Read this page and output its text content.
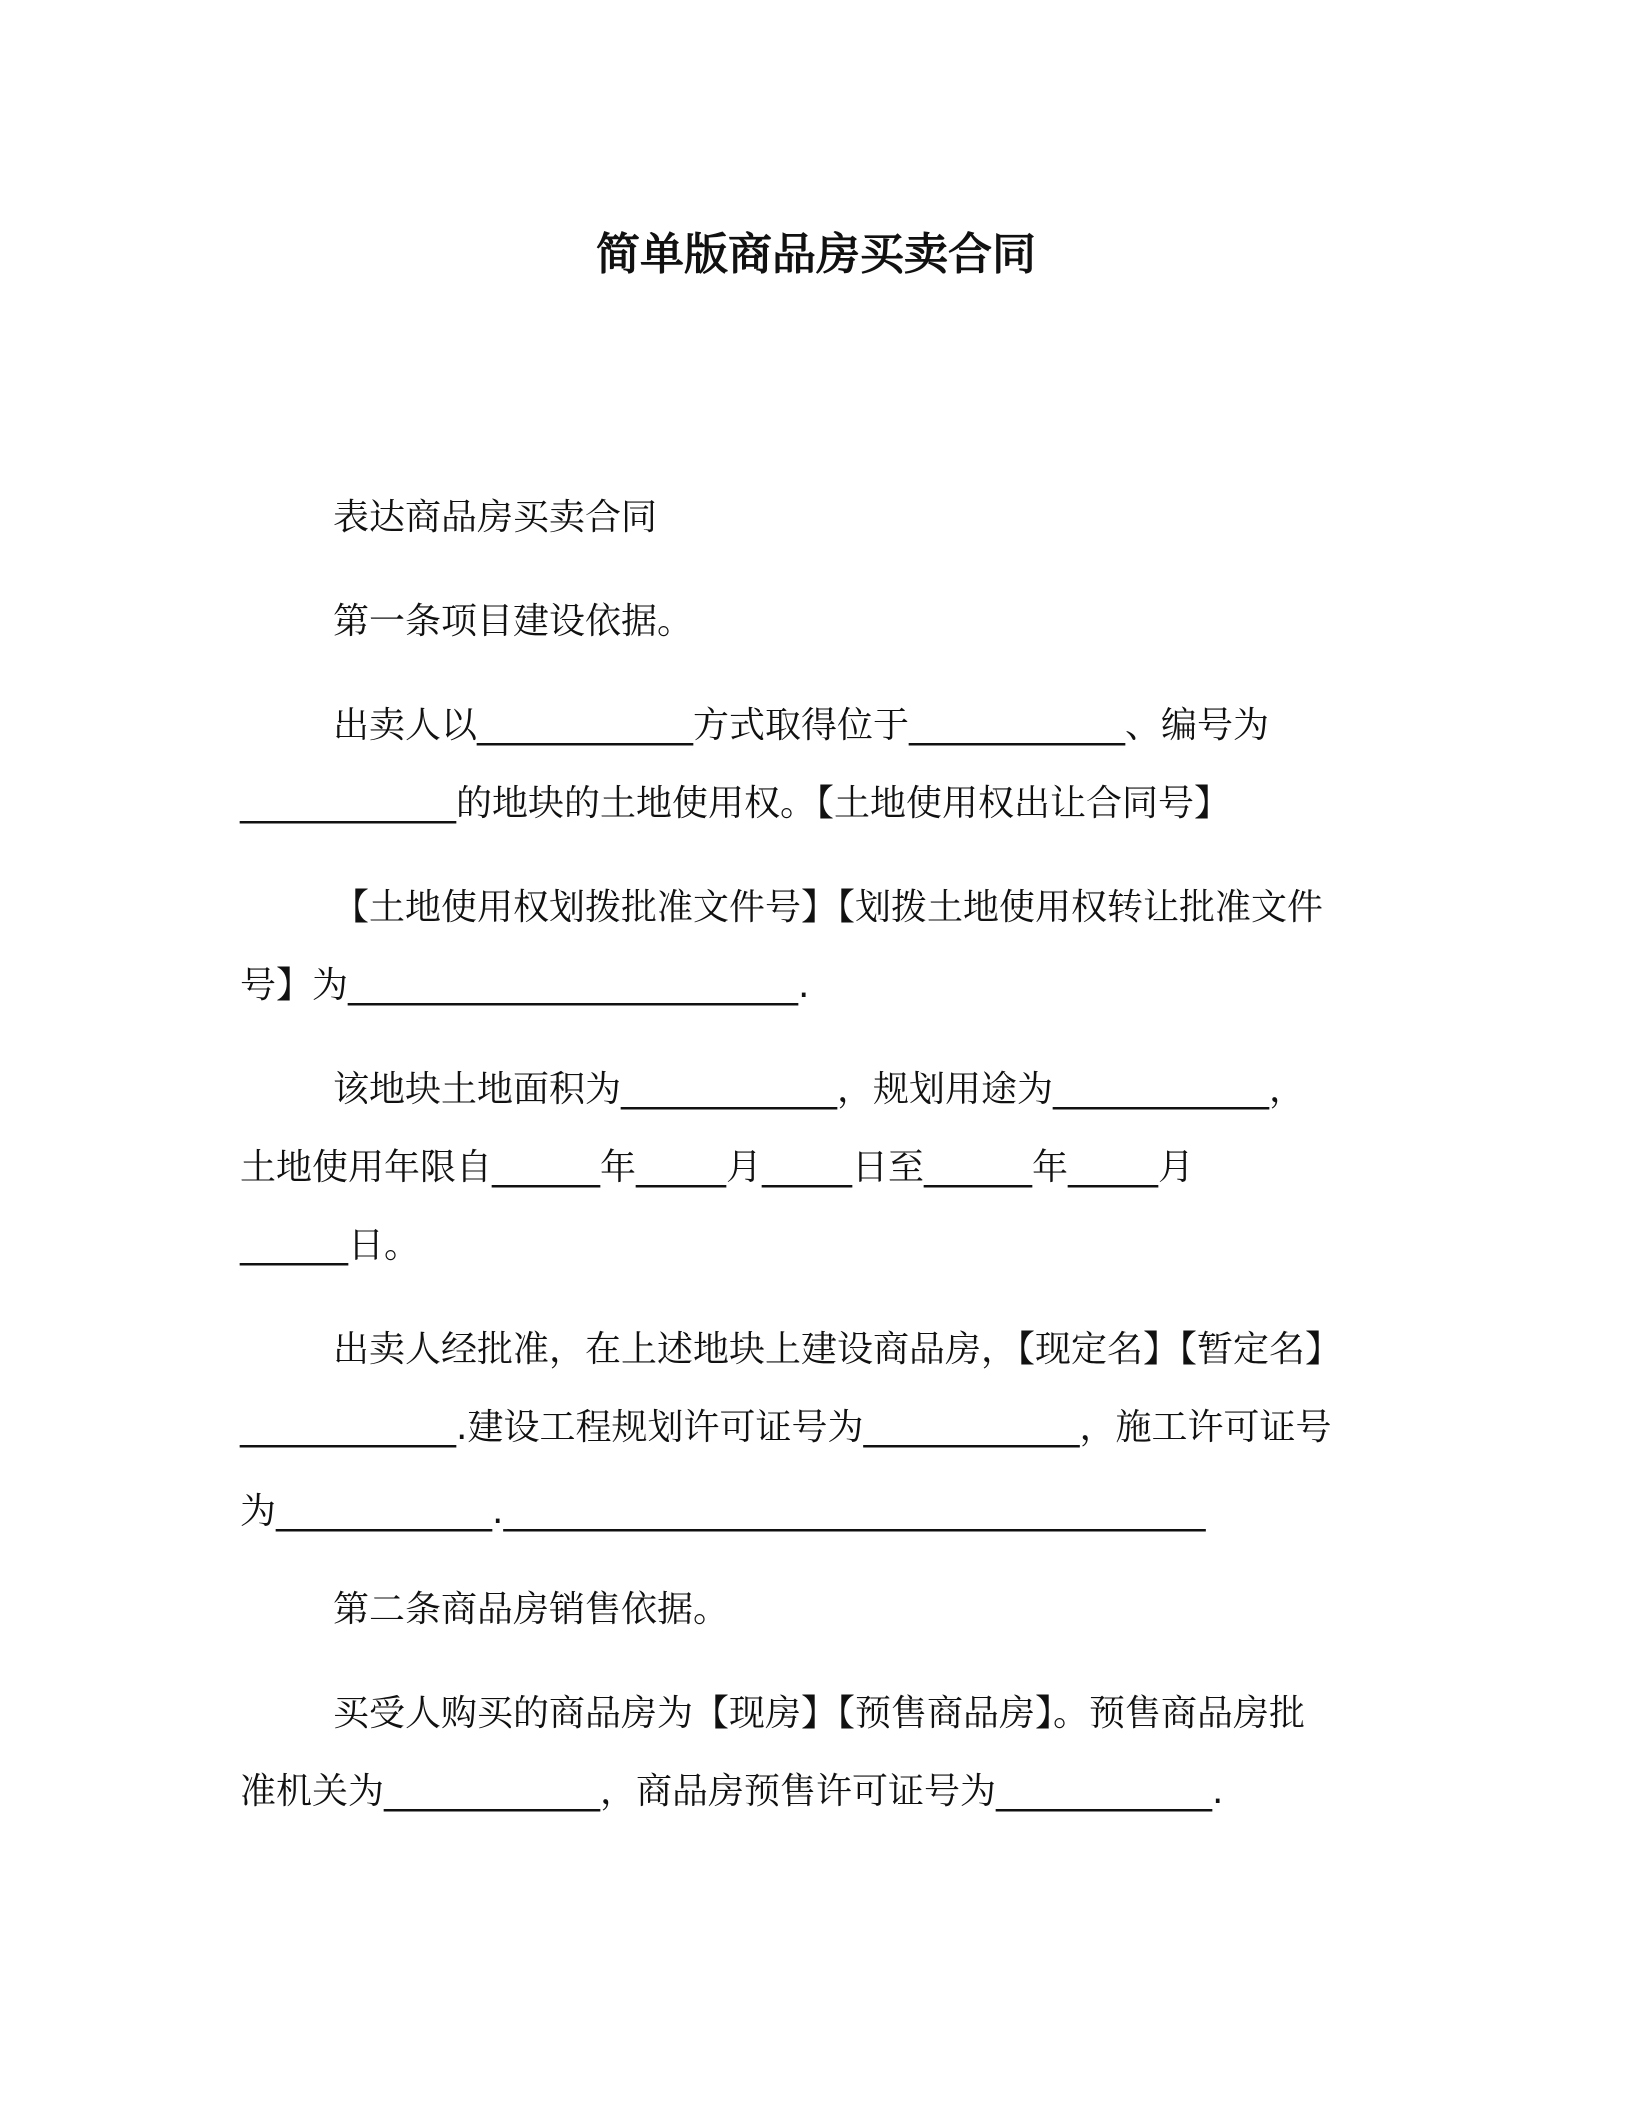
简单版商品房买卖合同
表达商品房买卖合同
第一条项目建设依据。
出卖人以____________方式取得位于____________、编号为
____________的地块的土地使用权。【土地使用权出让合同号】
【土地使用权划拨批准文件号】【划拨土地使用权转让批准文件
号】为_________________________.
该地块土地面积为____________，规划用途为____________，
土地使用年限自______年_____月_____日至______年_____月
______日。
出卖人经批准，在上述地块上建设商品房，【现定名】【暂定名】
____________.建设工程规划许可证号为____________，施工许可证号
为____________._______________________________________
第二条商品房销售依据。
买受人购买的商品房为【现房】【预售商品房】。预售商品房批
准机关为____________，商品房预售许可证号为____________.
